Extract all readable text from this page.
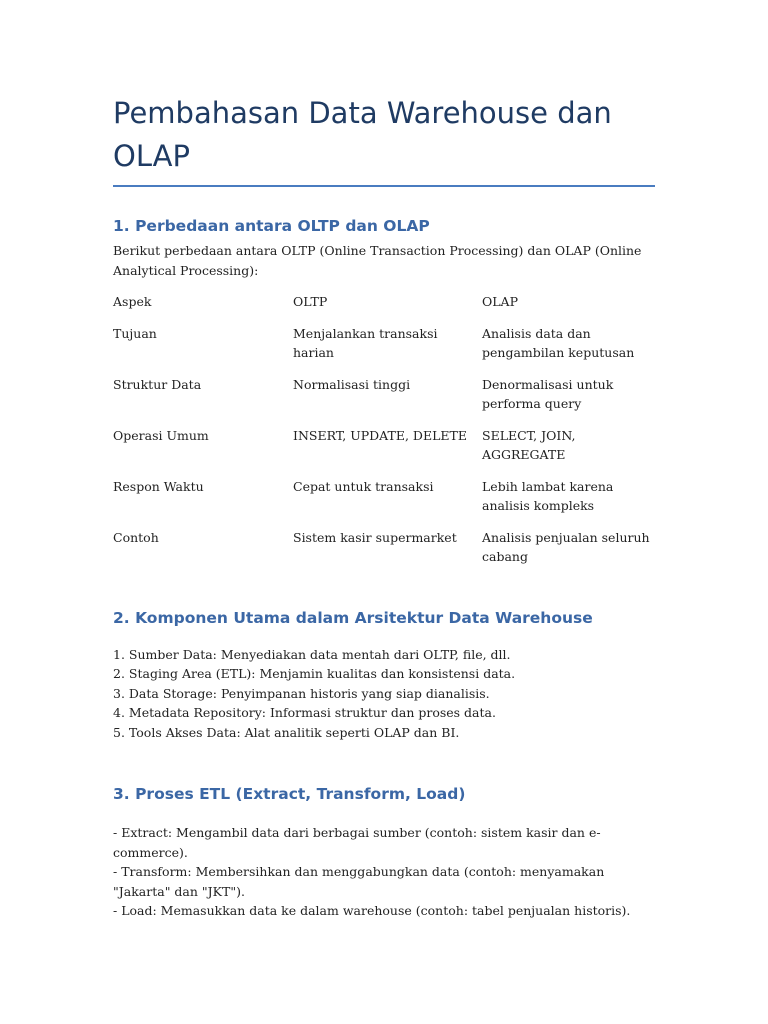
Pembahasan Data Warehouse dan OLAP
1. Perbedaan antara OLTP dan OLAP

Berikut perbedaan antara OLTP (Online Transaction Processing) dan OLAP (Online Analytical Processing):

Aspek	OLTP	OLAP
Tujuan	Menjalankan transaksi harian	Analisis data dan pengambilan keputusan
Struktur Data	Normalisasi tinggi	Denormalisasi untuk performa query
Operasi Umum	INSERT, UPDATE, DELETE	SELECT, JOIN, AGGREGATE
Respon Waktu	Cepat untuk transaksi	Lebih lambat karena analisis kompleks
Contoh	Sistem kasir supermarket	Analisis penjualan seluruh cabang
2. Komponen Utama dalam Arsitektur Data Warehouse
1. Sumber Data: Menyediakan data mentah dari OLTP, file, dll.
2. Staging Area (ETL): Menjamin kualitas dan konsistensi data.
3. Data Storage: Penyimpanan historis yang siap dianalisis.
4. Metadata Repository: Informasi struktur dan proses data.
5. Tools Akses Data: Alat analitik seperti OLAP dan BI.
3. Proses ETL (Extract, Transform, Load)
- Extract: Mengambil data dari berbagai sumber (contoh: sistem kasir dan e-commerce).
- Transform: Membersihkan dan menggabungkan data (contoh: menyamakan "Jakarta" dan "JKT").
- Load: Memasukkan data ke dalam warehouse (contoh: tabel penjualan historis).
